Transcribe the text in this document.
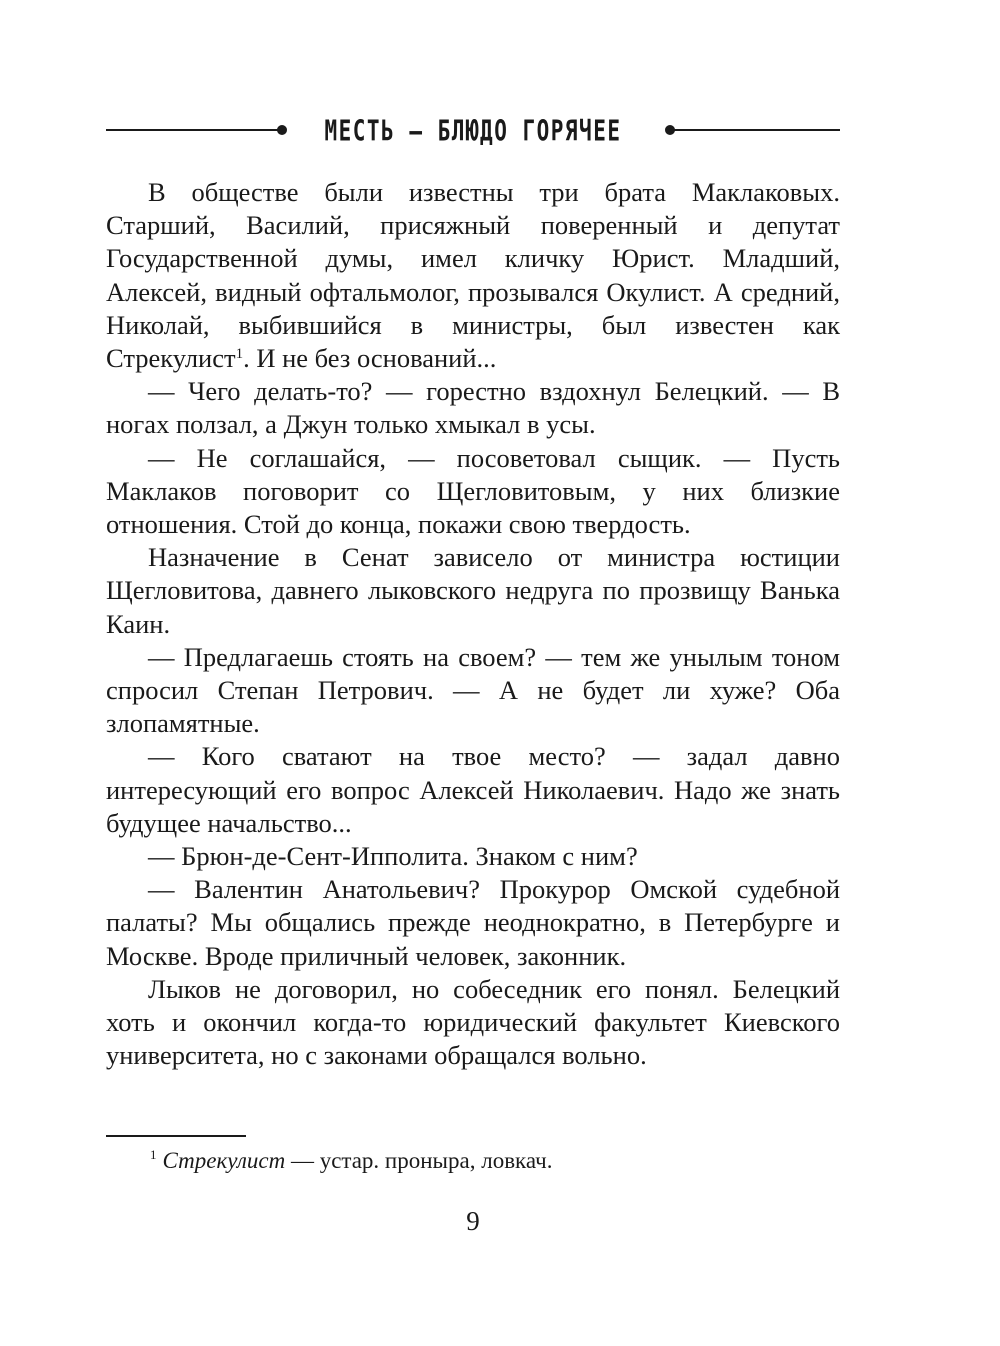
МЕСТЬ — БЛЮДО ГОРЯЧЕЕ

В обществе были известны три брата Маклаковых.

Старший, Василий, присяжный поверенный и депутат Государственной думы, имел кличку Юрист. Младший, Алексей, видный офтальмолог, прозывался Окулист. А средний, Николай, выбившийся в министры, был известен как Стрекулист$^1$. И не без оснований...

— Чего делать-то? — горестно вздохнул Белецкий. — В ногах ползал, а Джун только хмыкал в усы.

— Не соглашайся, — посоветовал сыщик. — Пусть Маклаков поговорит со Щегловитовым, у них близкие отношения. Стой до конца, покажи свою твердость.

Назначение в Сенат зависело от министра юстиции Щегловитова, давнего лыковского недруга по прозвищу Ванька Каин.

— Предлагаешь стоять на своем? — тем же унылым тоном спросил Степан Петрович. — А не будет ли хуже? Оба злопамятные.

— Кого сватают на твое место? — задал давно интересующий его вопрос Алексей Николаевич. Надо же знать будущее начальство...

— Брюн-де-Сент-Ипполита. Знаком с ним?

— Валентин Анатольевич? Прокурор Омской судебной палаты? Мы общались прежде неоднократно, в Петербурге и Москве. Вроде приличный человек, законник.

Лыков не договорил, но собеседник его понял. Белецкий хоть и окончил когда-то юридический факультет Киевского университета, но с законами обращался вольно.

$^1$ Стрекулист — устар. проныра, ловкач.
9
